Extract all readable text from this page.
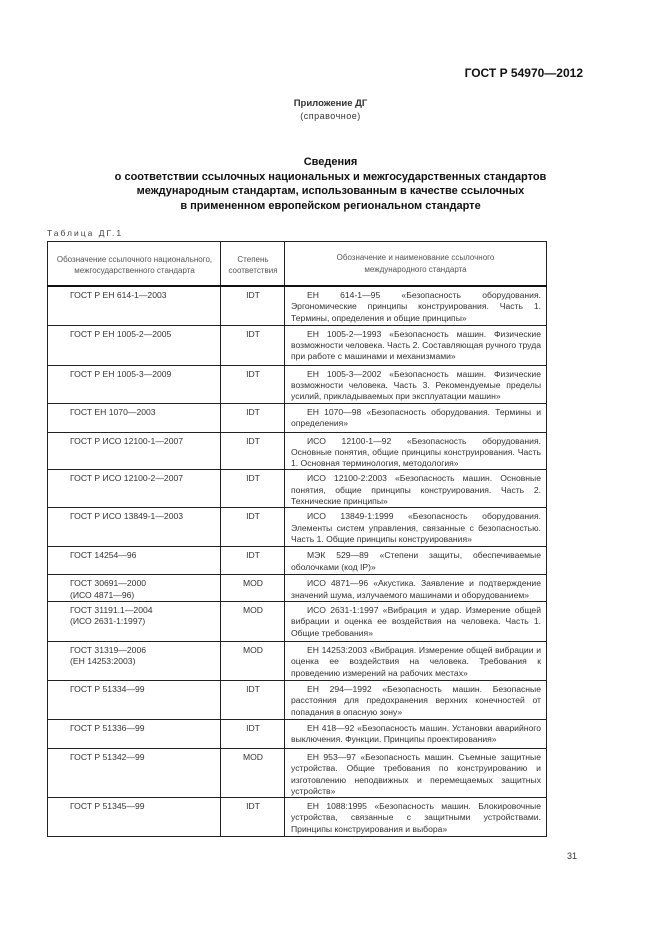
ГОСТ Р 54970—2012
Приложение ДГ
(справочное)
Сведения
о соответствии ссылочных национальных и межгосударственных стандартов
международным стандартам, использованным в качестве ссылочных
в примененном европейском региональном стандарте
Таблица ДГ.1
Обозначение ссылочного национального, межгосударственного стандарта	Степень соответствия	Обозначение и наименование ссылочного международного стандарта

ГОСТ Р ЕН 614-1—2003	IDT	ЕН 614-1—95 «Безопасность оборудования. Эргономические принципы конструирования. Часть 1. Термины, определения и общие принципы»

ГОСТ Р ЕН 1005-2—2005	IDT	ЕН 1005-2—1993 «Безопасность машин. Физические возможности человека. Часть 2. Составляющая ручного труда при работе с машинами и механизмами»

ГОСТ Р ЕН 1005-3—2009	IDT	ЕН 1005-3—2002 «Безопасность машин. Физические возможности человека. Часть 3. Рекомендуемые пределы усилий, прикладываемых при эксплуатации машин»

ГОСТ ЕН 1070—2003	IDT	ЕН 1070—98 «Безопасность оборудования. Термины и определения»

ГОСТ Р ИСО 12100-1—2007	IDT	ИСО 12100-1—92 «Безопасность оборудования. Основные понятия, общие принципы конструирования. Часть 1. Основная терминология, методология»

ГОСТ Р ИСО 12100-2—2007	IDT	ИСО 12100-2:2003 «Безопасность машин. Основные понятия, общие принципы конструирования. Часть 2. Технические принципы»

ГОСТ Р ИСО 13849-1—2003	IDT	ИСО 13849-1:1999 «Безопасность оборудования. Элементы систем управления, связанные с безопасностью. Часть 1. Общие принципы конструирования»

ГОСТ 14254—96	IDT	МЭК 529—89 «Степени защиты, обеспечиваемые оболочками (код IP)»

ГОСТ 30691—2000
(ИСО 4871—96)	MOD	ИСО 4871—96 «Акустика. Заявление и подтверждение значений шума, излучаемого машинами и оборудованием»

ГОСТ 31191.1—2004
(ИСО 2631-1:1997)	MOD	ИСО 2631-1:1997 «Вибрация и удар. Измерение общей вибрации и оценка ее воздействия на человека. Часть 1. Общие требования»

ГОСТ 31319—2006
(ЕН 14253:2003)	MOD	ЕН 14253:2003 «Вибрация. Измерение общей вибрации и оценка ее воздействия на человека. Требования к проведению измерений на рабочих местах»

ГОСТ Р 51334—99	IDT	ЕН 294—1992 «Безопасность машин. Безопасные расстояния для предохранения верхних конечностей от попадания в опасную зону»

ГОСТ Р 51336—99	IDT	ЕН 418—92 «Безопасность машин. Установки аварийного выключения. Функции. Принципы проектирования»

ГОСТ Р 51342—99	MOD	ЕН 953—97 «Безопасность машин. Съемные защитные устройства. Общие требования по конструированию и изготовлению неподвижных и перемещаемых защитных устройств»

ГОСТ Р 51345—99	IDT	ЕН 1088:1995 «Безопасность машин. Блокировочные устройства, связанные с защитными устройствами. Принципы конструирования и выбора»
31
